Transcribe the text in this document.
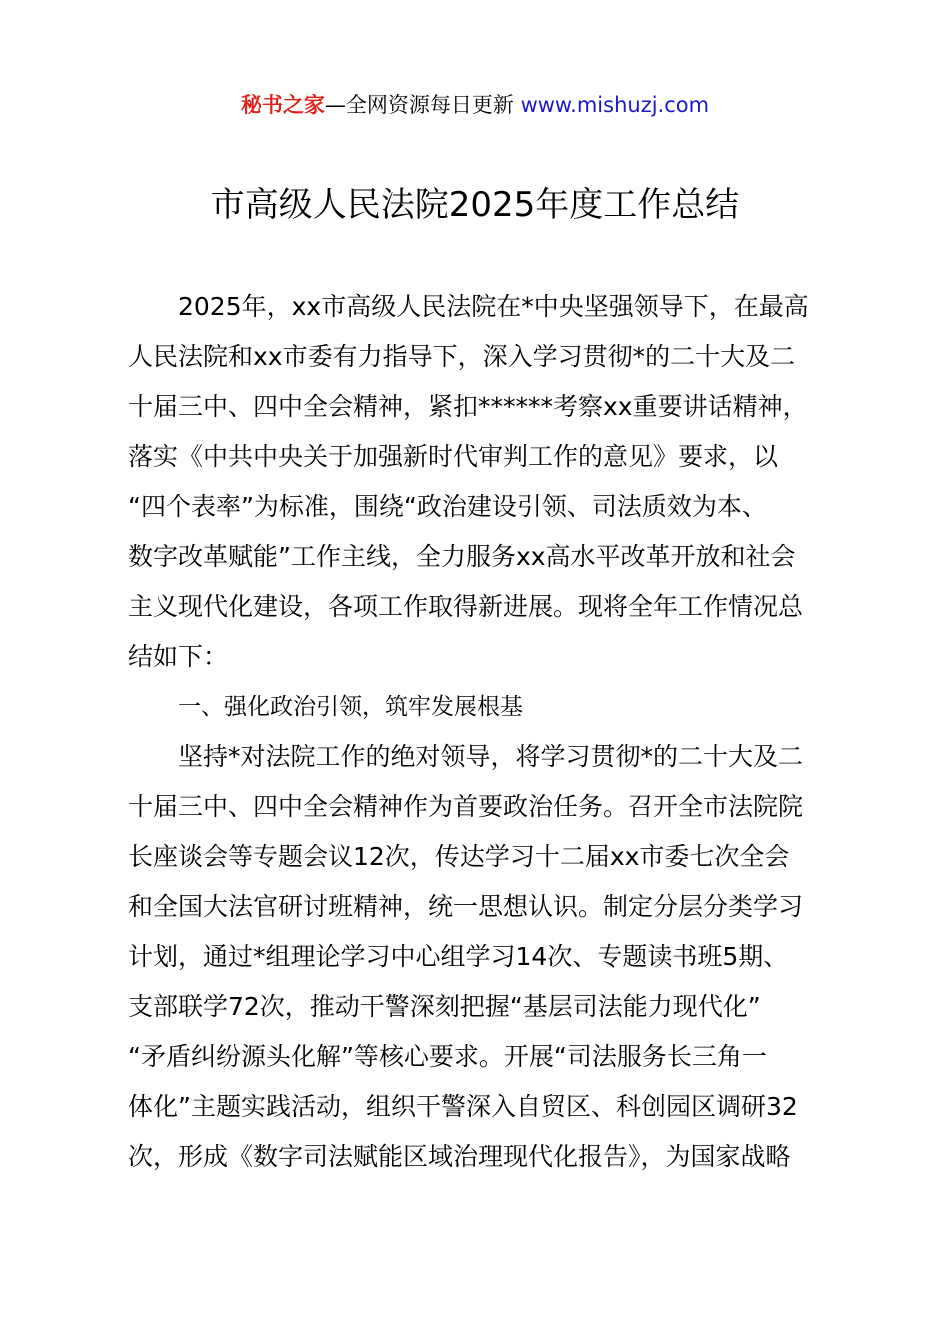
秘书之家—全网资源每日更新 www.mishuzj.com
市高级人民法院2025年度工作总结
2025年，xx市高级人民法院在*中央坚强领导下，在最高
人民法院和xx市委有力指导下，深入学习贯彻*的二十大及二
十届三中、四中全会精神，紧扣******考察xx重要讲话精神，
落实《中共中央关于加强新时代审判工作的意见》要求，以
“四个表率”为标准，围绕“政治建设引领、司法质效为本、
数字改革赋能”工作主线，全力服务xx高水平改革开放和社会
主义现代化建设，各项工作取得新进展。现将全年工作情况总
结如下：
一、强化政治引领，筑牢发展根基
坚持*对法院工作的绝对领导，将学习贯彻*的二十大及二
十届三中、四中全会精神作为首要政治任务。召开全市法院院
长座谈会等专题会议12次，传达学习十二届xx市委七次全会
和全国大法官研讨班精神，统一思想认识。制定分层分类学习
计划，通过*组理论学习中心组学习14次、专题读书班5期、
支部联学72次，推动干警深刻把握“基层司法能力现代化”
“矛盾纠纷源头化解”等核心要求。开展“司法服务长三角一
体化”主题实践活动，组织干警深入自贸区、科创园区调研32
次，形成《数字司法赋能区域治理现代化报告》，为国家战略
